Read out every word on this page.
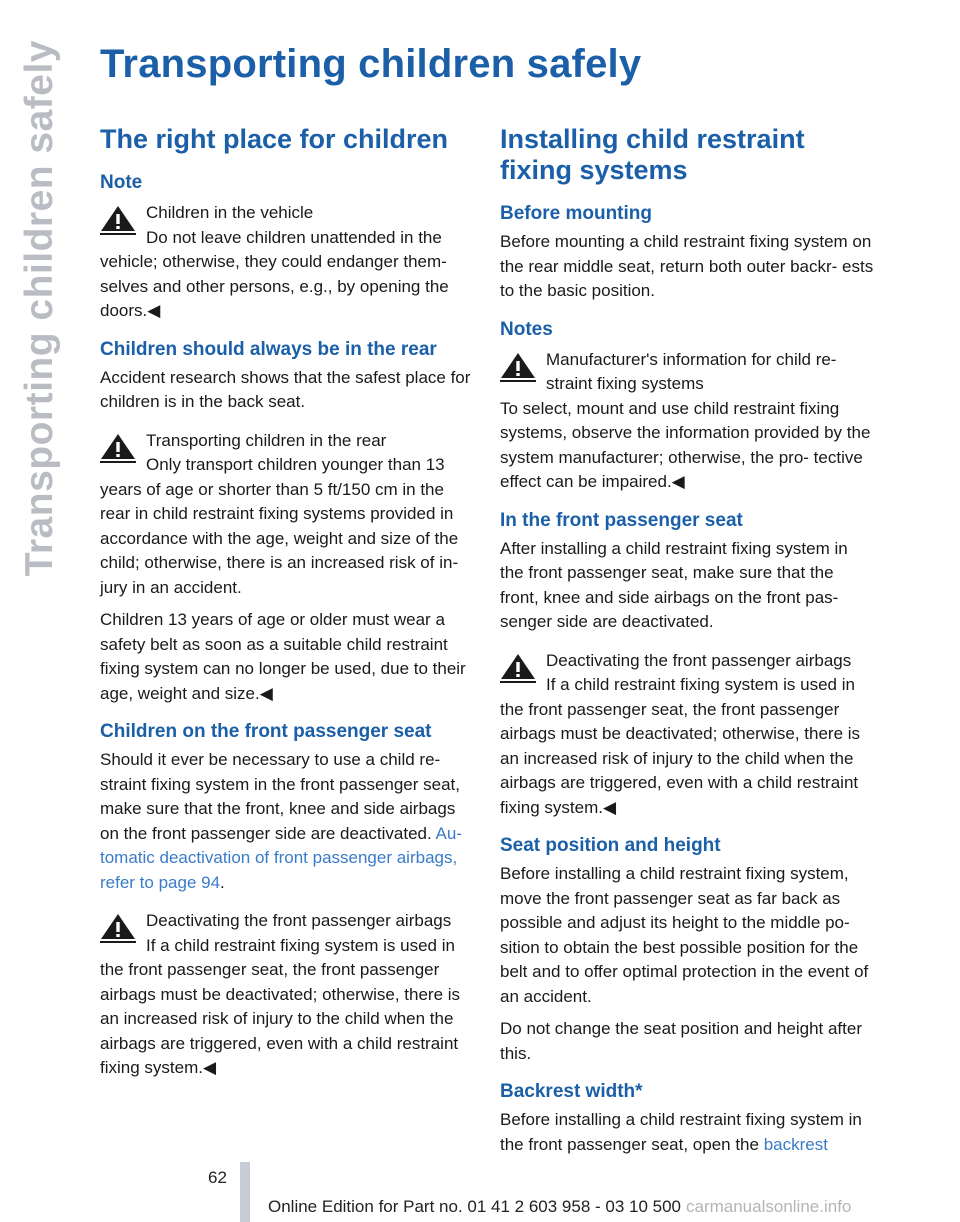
Transporting children safely Transporting children safely
The right place for children
Note
Children in the vehicle

Do not leave children unattended in the vehicle; otherwise, they could endanger them- selves and other persons, e.g., by opening the doors.◀

Children should always be in the rear

Accident research shows that the safest place for children is in the back seat.

Transporting children in the rear

Only transport children younger than 13 years of age or shorter than 5 ft/150 cm in the rear in child restraint fixing systems provided in accordance with the age, weight and size of the child; otherwise, there is an increased risk of in- jury in an accident.

Children 13 years of age or older must wear a safety belt as soon as a suitable child restraint fixing system can no longer be used, due to their age, weight and size.◀

Children on the front passenger seat

Should it ever be necessary to use a child re- straint fixing system in the front passenger seat, make sure that the front, knee and side airbags on the front passenger side are deactivated. Au- tomatic deactivation of front passenger airbags, refer to page 94.

Deactivating the front passenger airbags

If a child restraint fixing system is used in the front passenger seat, the front passenger airbags must be deactivated; otherwise, there is an increased risk of injury to the child when the airbags are triggered, even with a child restraint fixing system.◀

Installing child restraint fixing systems
Before mounting

Before mounting a child restraint fixing system on the rear middle seat, return both outer backr- ests to the basic position.

Notes
Manufacturer's information for child re- straint fixing systems

To select, mount and use child restraint fixing systems, observe the information provided by the system manufacturer; otherwise, the pro- tective effect can be impaired.◀

In the front passenger seat

After installing a child restraint fixing system in the front passenger seat, make sure that the front, knee and side airbags on the front pas- senger side are deactivated.

Deactivating the front passenger airbags

If a child restraint fixing system is used in the front passenger seat, the front passenger airbags must be deactivated; otherwise, there is an increased risk of injury to the child when the airbags are triggered, even with a child restraint fixing system.◀

Seat position and height

Before installing a child restraint fixing system, move the front passenger seat as far back as possible and adjust its height to the middle po- sition to obtain the best possible position for the belt and to offer optimal protection in the event of an accident.

Do not change the seat position and height after this.

Backrest width*

Before installing a child restraint fixing system in the front passenger seat, open the backrest

62
Online Edition for Part no. 01 41 2 603 958 - 03 10 500 carmanualsonline.info
